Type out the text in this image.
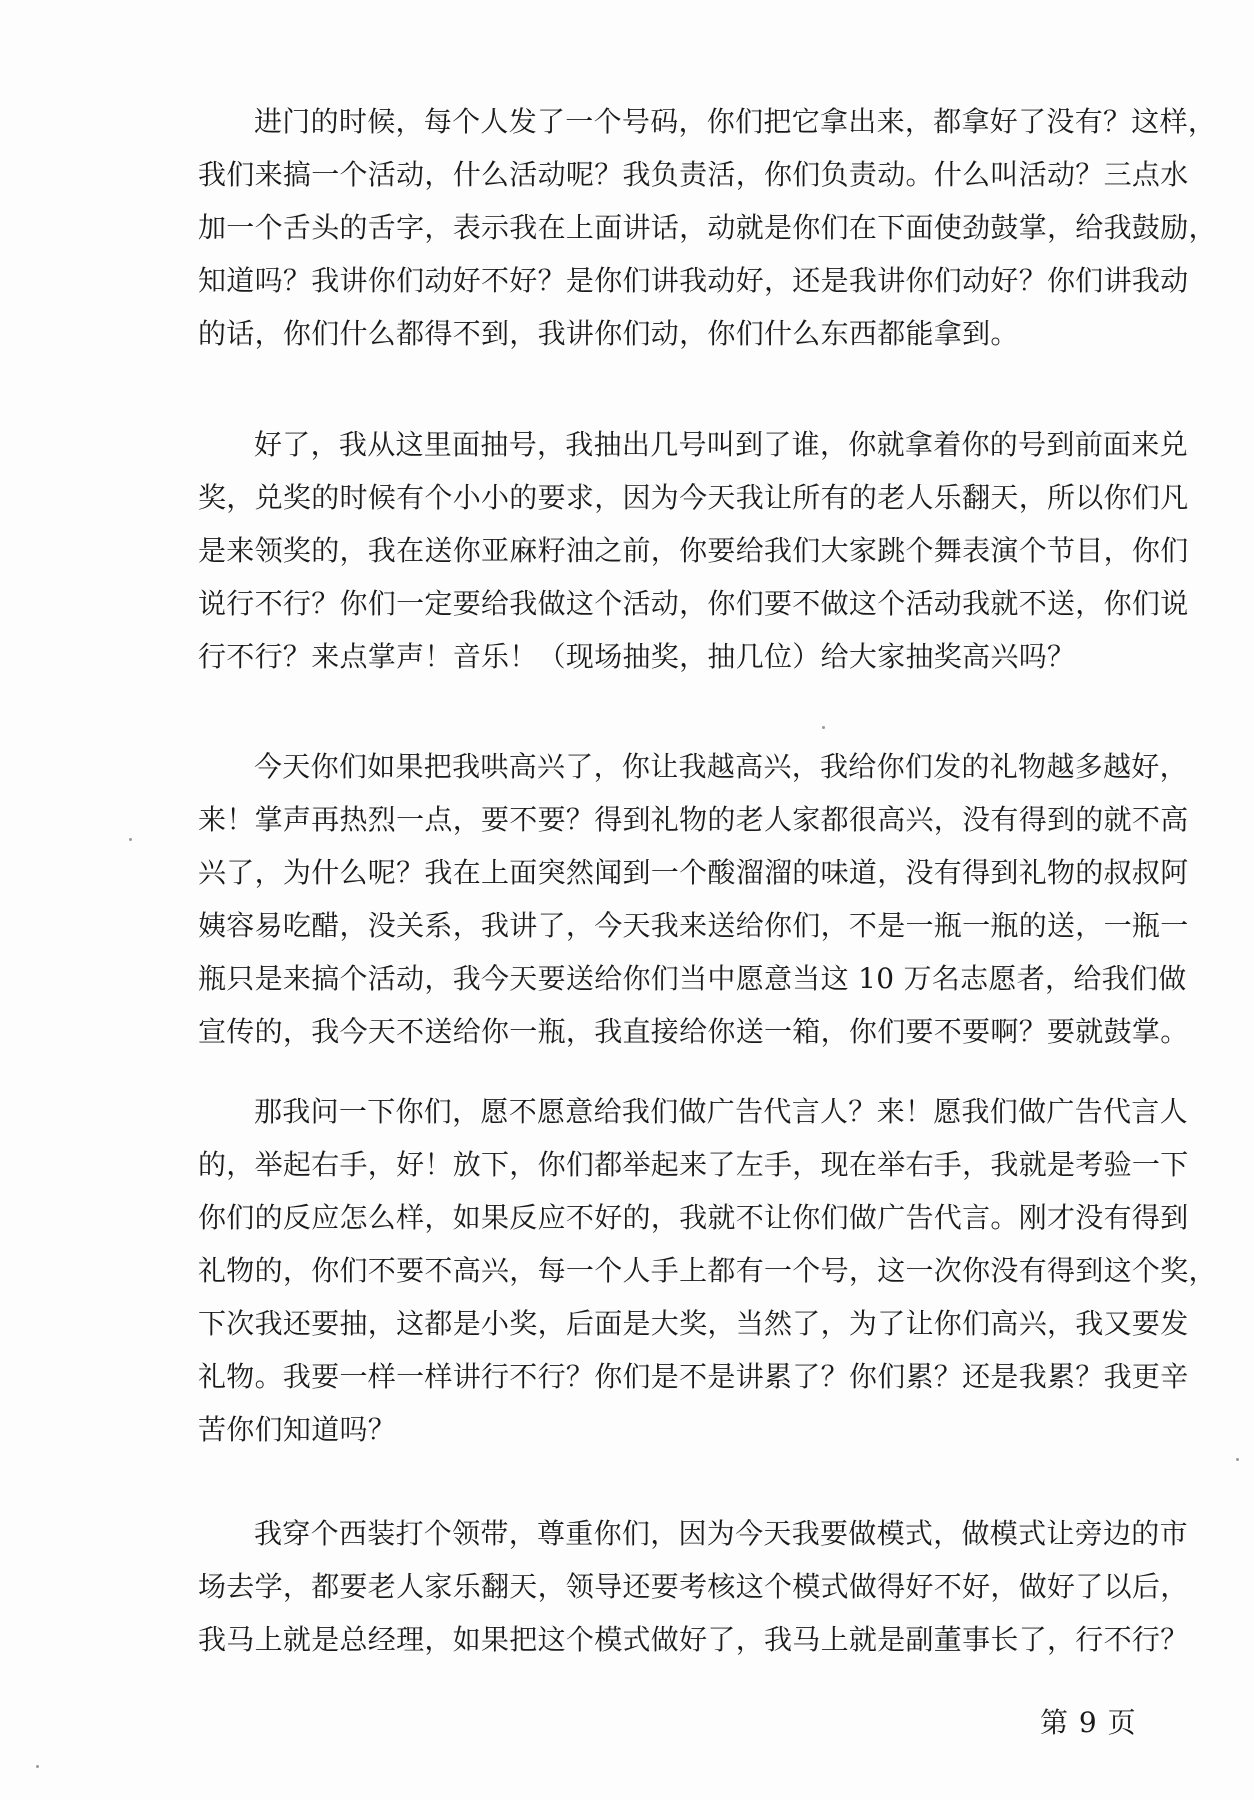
进门的时候，每个人发了一个号码，你们把它拿出来，都拿好了没有？这样，
我们来搞一个活动，什么活动呢？我负责活，你们负责动。什么叫活动？三点水
加一个舌头的舌字，表示我在上面讲话，动就是你们在下面使劲鼓掌，给我鼓励，
知道吗？我讲你们动好不好？是你们讲我动好，还是我讲你们动好？你们讲我动
的话，你们什么都得不到，我讲你们动，你们什么东西都能拿到。

好了，我从这里面抽号，我抽出几号叫到了谁，你就拿着你的号到前面来兑
奖，兑奖的时候有个小小的要求，因为今天我让所有的老人乐翻天，所以你们凡
是来领奖的，我在送你亚麻籽油之前，你要给我们大家跳个舞表演个节目，你们
说行不行？你们一定要给我做这个活动，你们要不做这个活动我就不送，你们说
行不行？来点掌声！音乐！（现场抽奖，抽几位）给大家抽奖高兴吗？

今天你们如果把我哄高兴了，你让我越高兴，我给你们发的礼物越多越好，
来！掌声再热烈一点，要不要？得到礼物的老人家都很高兴，没有得到的就不高
兴了，为什么呢？我在上面突然闻到一个酸溜溜的味道，没有得到礼物的叔叔阿
姨容易吃醋，没关系，我讲了，今天我来送给你们，不是一瓶一瓶的送，一瓶一
瓶只是来搞个活动，我今天要送给你们当中愿意当这 10 万名志愿者，给我们做
宣传的，我今天不送给你一瓶，我直接给你送一箱，你们要不要啊？要就鼓掌。

那我问一下你们，愿不愿意给我们做广告代言人？来！愿我们做广告代言人
的，举起右手，好！放下，你们都举起来了左手，现在举右手，我就是考验一下
你们的反应怎么样，如果反应不好的，我就不让你们做广告代言。刚才没有得到
礼物的，你们不要不高兴，每一个人手上都有一个号，这一次你没有得到这个奖，
下次我还要抽，这都是小奖，后面是大奖，当然了，为了让你们高兴，我又要发
礼物。我要一样一样讲行不行？你们是不是讲累了？你们累？还是我累？我更辛
苦你们知道吗？

我穿个西装打个领带，尊重你们，因为今天我要做模式，做模式让旁边的市
场去学，都要老人家乐翻天，领导还要考核这个模式做得好不好，做好了以后，
我马上就是总经理，如果把这个模式做好了，我马上就是副董事长了，行不行？

第 9 页
